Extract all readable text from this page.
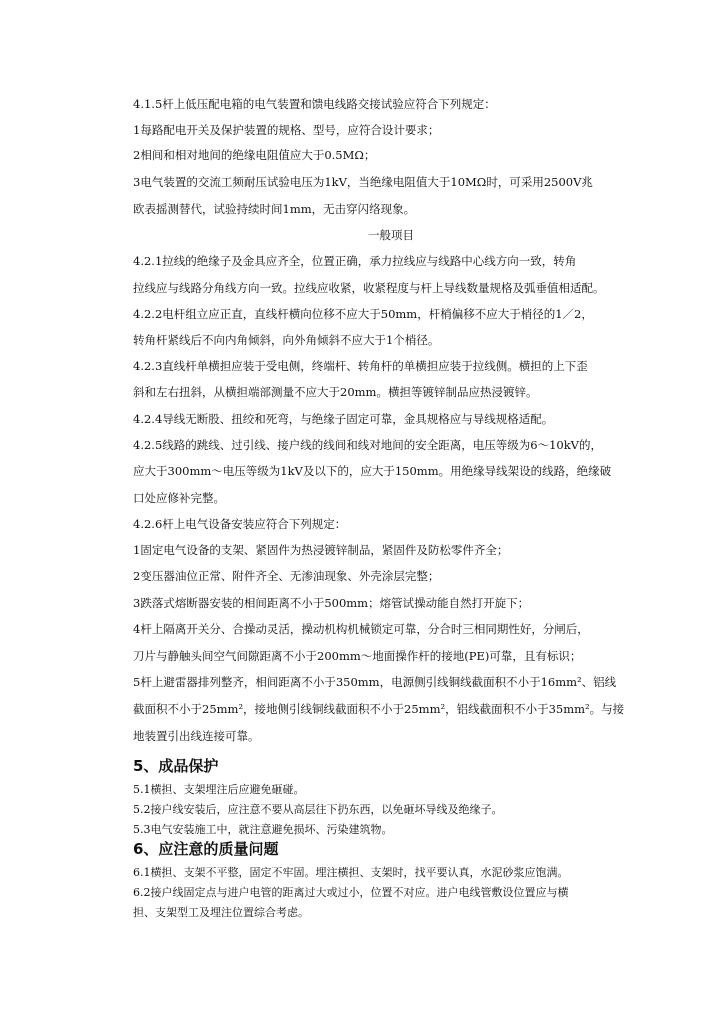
4.1.5杆上低压配电箱的电气装置和馈电线路交接试验应符合下列规定：
1每路配电开关及保护装置的规格、型号，应符合设计要求；
2相间和相对地间的绝缘电阻值应大于0.5MΩ；
3电气装置的交流工频耐压试验电压为1kV，当绝缘电阻值大于10MΩ时，可采用2500V兆
欧表摇测替代，试验持续时间1mm，无击穿闪络现象。
一般项目
4.2.1拉线的绝缘子及金具应齐全，位置正确，承力拉线应与线路中心线方向一致，转角
拉线应与线路分角线方向一致。拉线应收紧，收紧程度与杆上导线数量规格及弧垂值相适配。
4.2.2电杆组立应正直，直线杆横向位移不应大于50mm，杆梢偏移不应大于梢径的1／2，
转角杆紧线后不向内角倾斜，向外角倾斜不应大于1个梢径。
4.2.3直线杆单横担应装于受电侧，终端杆、转角杆的单横担应装于拉线侧。横担的上下歪
斜和左右扭斜，从横担端部测量不应大于20mm。横担等镀锌制品应热浸镀锌。
4.2.4导线无断股、扭绞和死弯，与绝缘子固定可靠，金具规格应与导线规格适配。
4.2.5线路的跳线、过引线、接户线的线间和线对地间的安全距离，电压等级为6～10kV的，
应大于300mm～电压等级为1kV及以下的，应大于150mm。用绝缘导线架设的线路，绝缘破
口处应修补完整。
4.2.6杆上电气设备安装应符合下列规定：
1固定电气设备的支架、紧固件为热浸镀锌制品，紧固件及防松零件齐全；
2变压器油位正常、附件齐全、无渗油现象、外壳涂层完整；
3跌落式熔断器安装的相间距离不小于500mm；熔管试操动能自然打开旋下；
4杆上隔离开关分、合操动灵活，操动机构机械锁定可靠，分合时三相同期性好，分闸后，
刀片与静触头间空气间隙距离不小于200mm～地面操作杆的接地(PE)可靠，且有标识；
5杆上避雷器排列整齐，相间距离不小于350mm，电源侧引线铜线截面积不小于16mm²、铝线
截面积不小于25mm²，接地侧引线铜线截面积不小于25mm²，铝线截面积不小于35mm²。与接
地装置引出线连接可靠。
5、成品保护
5.1横担、支架埋注后应避免砸碰。
5.2接户线安装后，应注意不要从高层往下扔东西，以免砸坏导线及绝缘子。
5.3电气安装施工中，就注意避免损坏、污染建筑物。
6、应注意的质量问题
6.1横担、支架不平整，固定不牢固。埋注横担、支架时，找平要认真，水泥砂浆应饱满。
6.2接户线固定点与进户电管的距离过大或过小，位置不对应。进户电线管敷设位置应与横
担、支架型工及埋注位置综合考虑。
